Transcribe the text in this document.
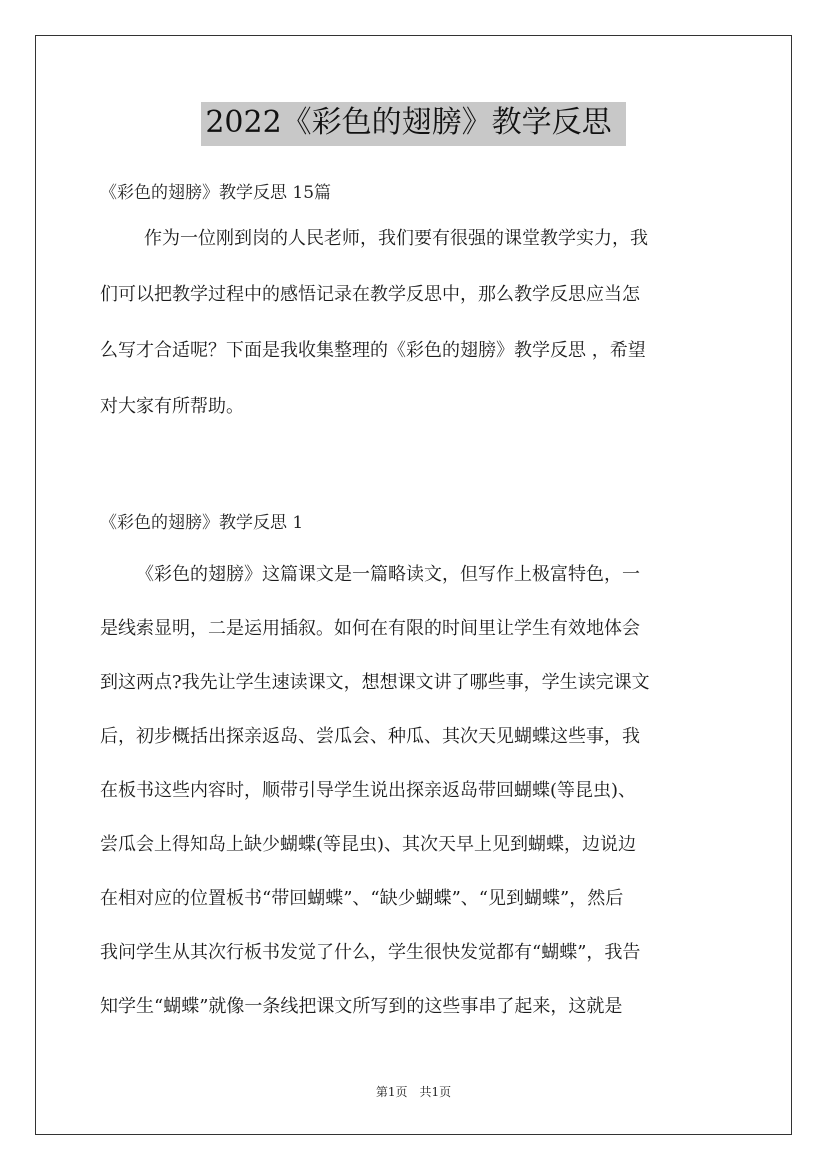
2022《彩色的翅膀》教学反思
《彩色的翅膀》教学反思 15篇
作为一位刚到岗的人民老师，我们要有很强的课堂教学实力，我
们可以把教学过程中的感悟记录在教学反思中，那么教学反思应当怎
么写才合适呢？下面是我收集整理的《彩色的翅膀》教学反思 ，希望
对大家有所帮助。
《彩色的翅膀》教学反思 1
《彩色的翅膀》这篇课文是一篇略读文，但写作上极富特色，一
是线索显明，二是运用插叙。如何在有限的时间里让学生有效地体会
到这两点?我先让学生速读课文，想想课文讲了哪些事，学生读完课文
后，初步概括出探亲返岛、尝瓜会、种瓜、其次天见蝴蝶这些事，我
在板书这些内容时，顺带引导学生说出探亲返岛带回蝴蝶(等昆虫)、
尝瓜会上得知岛上缺少蝴蝶(等昆虫)、其次天早上见到蝴蝶，边说边
在相对应的位置板书“带回蝴蝶”、“缺少蝴蝶”、“见到蝴蝶”，然后
我问学生从其次行板书发觉了什么，学生很快发觉都有“蝴蝶”，我告
知学生“蝴蝶”就像一条线把课文所写到的这些事串了起来，这就是
第1页　共1页
